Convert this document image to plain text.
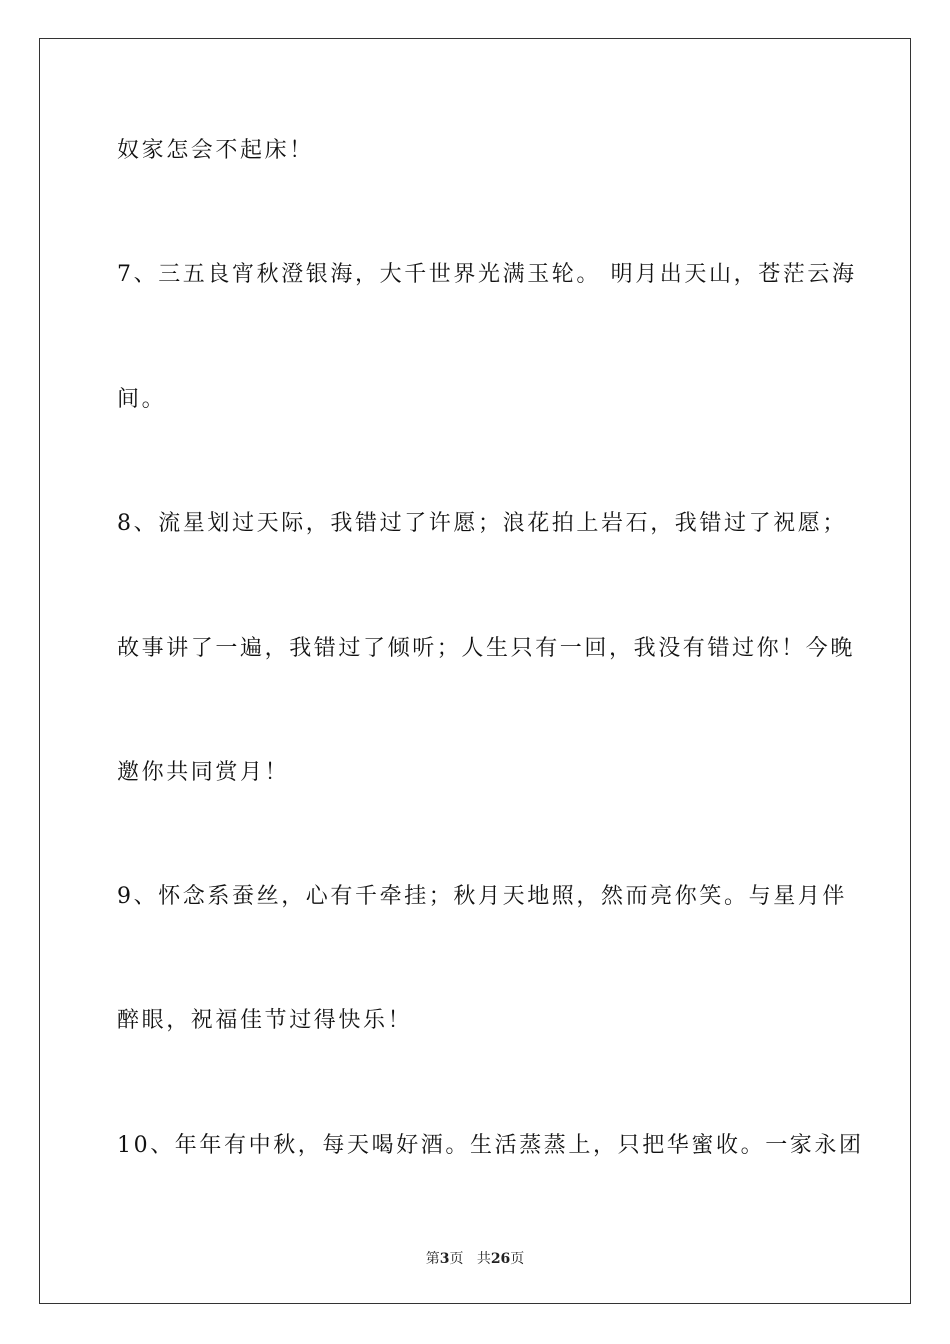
奴家怎会不起床！
7、三五良宵秋澄银海，大千世界光满玉轮。 明月出天山，苍茫云海
间。
8、流星划过天际，我错过了许愿；浪花拍上岩石，我错过了祝愿；
故事讲了一遍，我错过了倾听；人生只有一回，我没有错过你！今晚
邀你共同赏月！
9、怀念系蚕丝，心有千牵挂；秋月天地照，然而亮你笑。与星月伴
醉眼，祝福佳节过得快乐！
10、年年有中秋，每天喝好酒。生活蒸蒸上，只把华蜜收。一家永团
第3页 共26页
